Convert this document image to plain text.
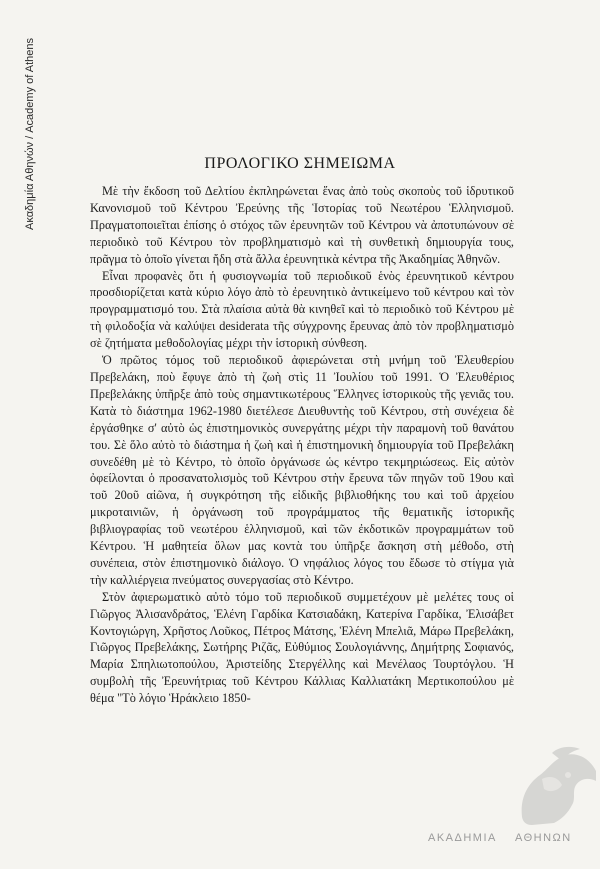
Ακαδημία Αθηνών / Academy of Athens	ΠΡΟΛΟΓΙΚΟ ΣΗΜΕΙΩΜΑ

Μὲ τὴν ἔκδοση τοῦ Δελτίου ἐκπληρώνεται ἕνας ἀπὸ τοὺς σκοποὺς τοῦ ἱδρυτικοῦ Κανονισμοῦ τοῦ Κέντρου Ἐρεύνης τῆς Ἱστορίας τοῦ Νεωτέρου Ἑλληνισμοῦ. Πραγματοποιεῖται ἐπίσης ὁ στόχος τῶν ἐρευνητῶν τοῦ Κέντρου νὰ ἀποτυπώνουν σὲ περιοδικὸ τοῦ Κέντρου τὸν προβληματισμὸ καὶ τὴ συνθετικὴ δημιουργία τους, πρᾶγμα τὸ ὁποῖο γίνεται ἤδη στὰ ἄλλα ἐρευνητικὰ κέντρα τῆς Ἀκαδημίας Ἀθηνῶν.

Εἶναι προφανὲς ὅτι ἡ φυσιογνωμία τοῦ περιοδικοῦ ἑνὸς ἐρευνητικοῦ κέντρου προσδιορίζεται κατὰ κύριο λόγο ἀπὸ τὸ ἐρευνητικὸ ἀντικείμενο τοῦ κέντρου καὶ τὸν προγραμματισμό του. Στὰ πλαίσια αὐτὰ θὰ κινηθεῖ καὶ τὸ περιοδικὸ τοῦ Κέντρου μὲ τὴ φιλοδοξία νὰ καλύψει desiderata τῆς σύγχρονης ἔρευνας ἀπὸ τὸν προβληματισμὸ σὲ ζητήματα μεθοδολογίας μέχρι τὴν ἱστορικὴ σύνθεση.

Ὁ πρῶτος τόμος τοῦ περιοδικοῦ ἀφιερώνεται στὴ μνήμη τοῦ Ἐλευθερίου Πρεβελάκη, ποὺ ἔφυγε ἀπὸ τὴ ζωὴ στὶς 11 Ἰουλίου τοῦ 1991. Ὁ Ἐλευθέριος Πρεβελάκης ὑπῆρξε ἀπὸ τοὺς σημαντικωτέρους Ἕλληνες ἱστορικοὺς τῆς γενιᾶς του. Κατὰ τὸ διάστημα 1962-1980 διετέλεσε Διευθυντὴς τοῦ Κέντρου, στὴ συνέχεια δὲ ἐργάσθηκε σ' αὐτὸ ὡς ἐπιστημονικὸς συνεργάτης μέχρι τὴν παραμονὴ τοῦ θανάτου του. Σὲ ὅλο αὐτὸ τὸ διάστημα ἡ ζωὴ καὶ ἡ ἐπιστημονικὴ δημιουργία τοῦ Πρεβελάκη συνεδέθη μὲ τὸ Κέντρο, τὸ ὁποῖο ὀργάνωσε ὡς κέντρο τεκμηριώσεως. Εἰς αὐτὸν ὀφείλονται ὁ προσανατολισμὸς τοῦ Κέντρου στὴν ἔρευνα τῶν πηγῶν τοῦ 19ου καὶ τοῦ 20οῦ αἰῶνα, ἡ συγκρότηση τῆς εἰδικῆς βιβλιοθήκης του καὶ τοῦ ἀρχείου μικροταινιῶν, ἡ ὀργάνωση τοῦ προγράμματος τῆς θεματικῆς ἱστορικῆς βιβλιογραφίας τοῦ νεωτέρου ἑλληνισμοῦ, καὶ τῶν ἐκδοτικῶν προγραμμάτων τοῦ Κέντρου. Ἡ μαθητεία ὅλων μας κοντὰ του ὑπῆρξε ἄσκηση στὴ μέθοδο, στὴ συνέπεια, στὸν ἐπιστημονικὸ διάλογο. Ὁ νηφάλιος λόγος του ἔδωσε τὸ στίγμα γιὰ τὴν καλλιέργεια πνεύματος συνεργασίας στὸ Κέντρο.

Στὸν ἀφιερωματικὸ αὐτὸ τόμο τοῦ περιοδικοῦ συμμετέχουν μὲ μελέτες τους οἱ Γιῶργος Ἀλισανδράτος, Ἑλένη Γαρδίκα Κατσιαδάκη, Κατερίνα Γαρδίκα, Ἐλισάβετ Κοντογιώργη, Χρῆστος Λοῦκος, Πέτρος Μάτσης, Ἑλένη Μπελιᾶ, Μάρω Πρεβελάκη, Γιῶργος Πρεβελάκης, Σωτήρης Ριζᾶς, Εὐθύμιος Σουλογιάννης, Δημήτρης Σοφιανός, Μαρία Σπηλιωτοπούλου, Ἀριστείδης Στεργέλλης καὶ Μενέλαος Τουρτόγλου. Ἡ συμβολὴ τῆς Ἐρευνήτριας τοῦ Κέντρου Κάλλιας Καλλιατάκη Μερτικοπούλου μὲ θέμα "Τὸ λόγιο Ἡράκλειο 1850-

ΑΚΑΔΗΜΙΑ ΑΘΗΝΩΝ
